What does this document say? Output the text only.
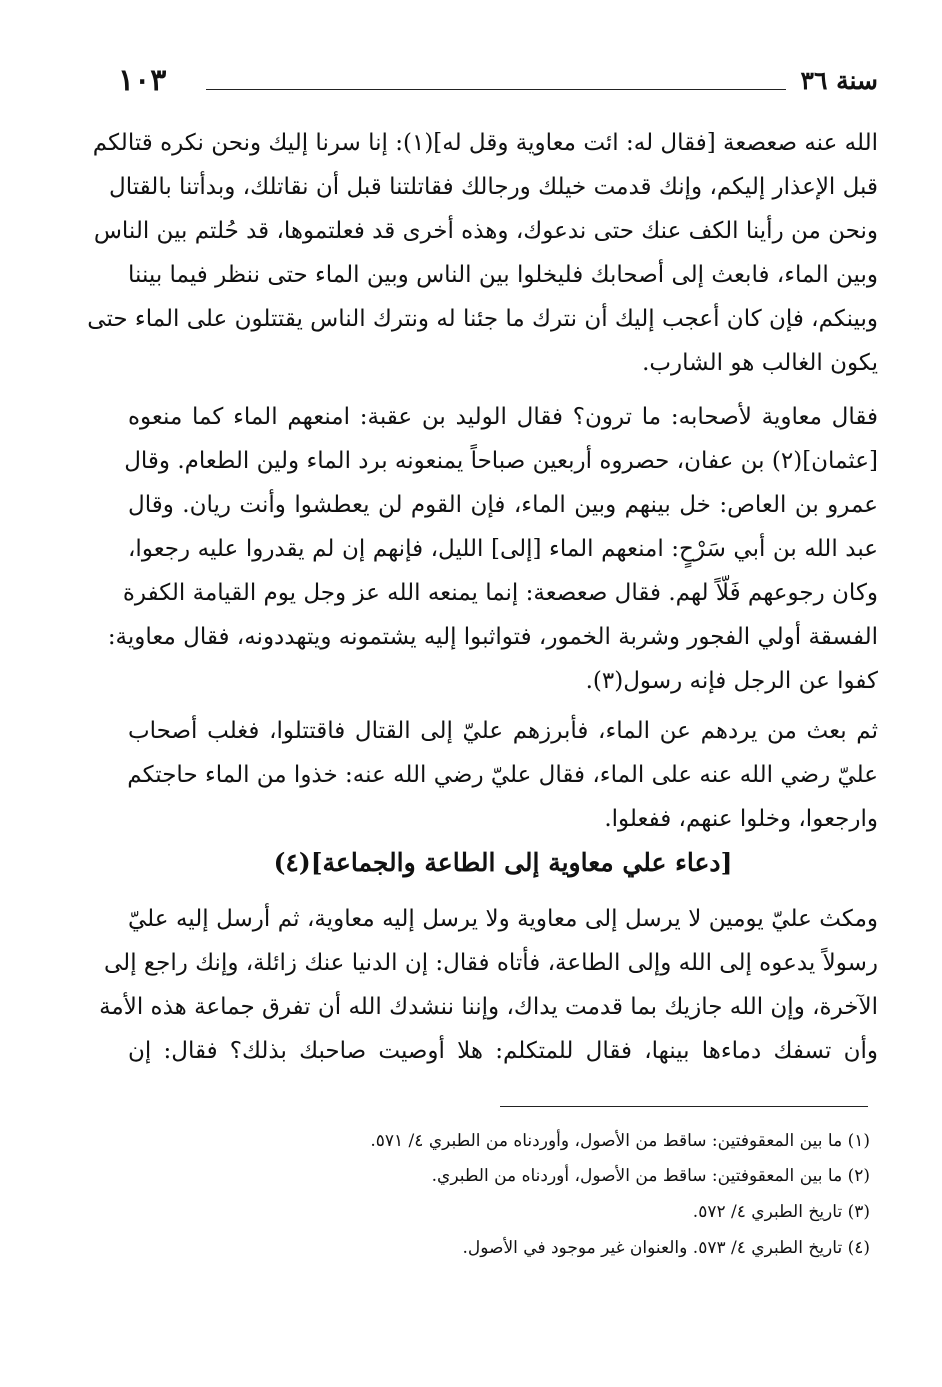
سنة ٣٦
١٠٣
الله عنه صعصعة [فقال له: ائت معاوية وقل له](١): إنا سرنا إليك ونحن نكره قتالكم
قبل الإعذار إليكم، وإنك قدمت خيلك ورجالك فقاتلتنا قبل أن نقاتلك، وبدأتنا بالقتال
ونحن من رأينا الكف عنك حتى ندعوك، وهذه أخرى قد فعلتموها، قد حُلتم بين الناس
وبين الماء، فابعث إلى أصحابك فليخلوا بين الناس وبين الماء حتى ننظر فيما بيننا
وبينكم، فإن كان أعجب إليك أن نترك ما جئنا له ونترك الناس يقتتلون على الماء حتى
يكون الغالب هو الشارب.
فقال معاوية لأصحابه: ما ترون؟ فقال الوليد بن عقبة: امنعهم الماء كما منعوه
[عثمان](٢) بن عفان، حصروه أربعين صباحاً يمنعونه برد الماء ولين الطعام. وقال
عمرو بن العاص: خل بينهم وبين الماء، فإن القوم لن يعطشوا وأنت ريان. وقال
عبد الله بن أبي سَرْحٍ: امنعهم الماء [إلى] الليل، فإنهم إن لم يقدروا عليه رجعوا،
وكان رجوعهم فَلّاً لهم. فقال صعصعة: إنما يمنعه الله عز وجل يوم القيامة الكفرة
الفسقة أولي الفجور وشربة الخمور، فتواثبوا إليه يشتمونه ويتهددونه، فقال معاوية:
كفوا عن الرجل فإنه رسول(٣).
ثم بعث من يردهم عن الماء، فأبرزهم عليّ إلى القتال فاقتتلوا، فغلب أصحاب
عليّ رضي الله عنه على الماء، فقال عليّ رضي الله عنه: خذوا من الماء حاجتكم
وارجعوا، وخلوا عنهم، ففعلوا.
[دعاء علي معاوية إلى الطاعة والجماعة](٤)
ومكث عليّ يومين لا يرسل إلى معاوية ولا يرسل إليه معاوية، ثم أرسل إليه عليّ
رسولاً يدعوه إلى الله وإلى الطاعة، فأتاه فقال: إن الدنيا عنك زائلة، وإنك راجع إلى
الآخرة، وإن الله جازيك بما قدمت يداك، وإننا ننشدك الله أن تفرق جماعة هذه الأمة
وأن تسفك دماءها بينها، فقال للمتكلم: هلا أوصيت صاحبك بذلك؟ فقال: إن
(١) ما بين المعقوفتين: ساقط من الأصول، وأوردناه من الطبري ٤/ ٥٧١.
(٢) ما بين المعقوفتين: ساقط من الأصول، أوردناه من الطبري.
(٣) تاريخ الطبري ٤/ ٥٧٢.
(٤) تاريخ الطبري ٤/ ٥٧٣. والعنوان غير موجود في الأصول.
